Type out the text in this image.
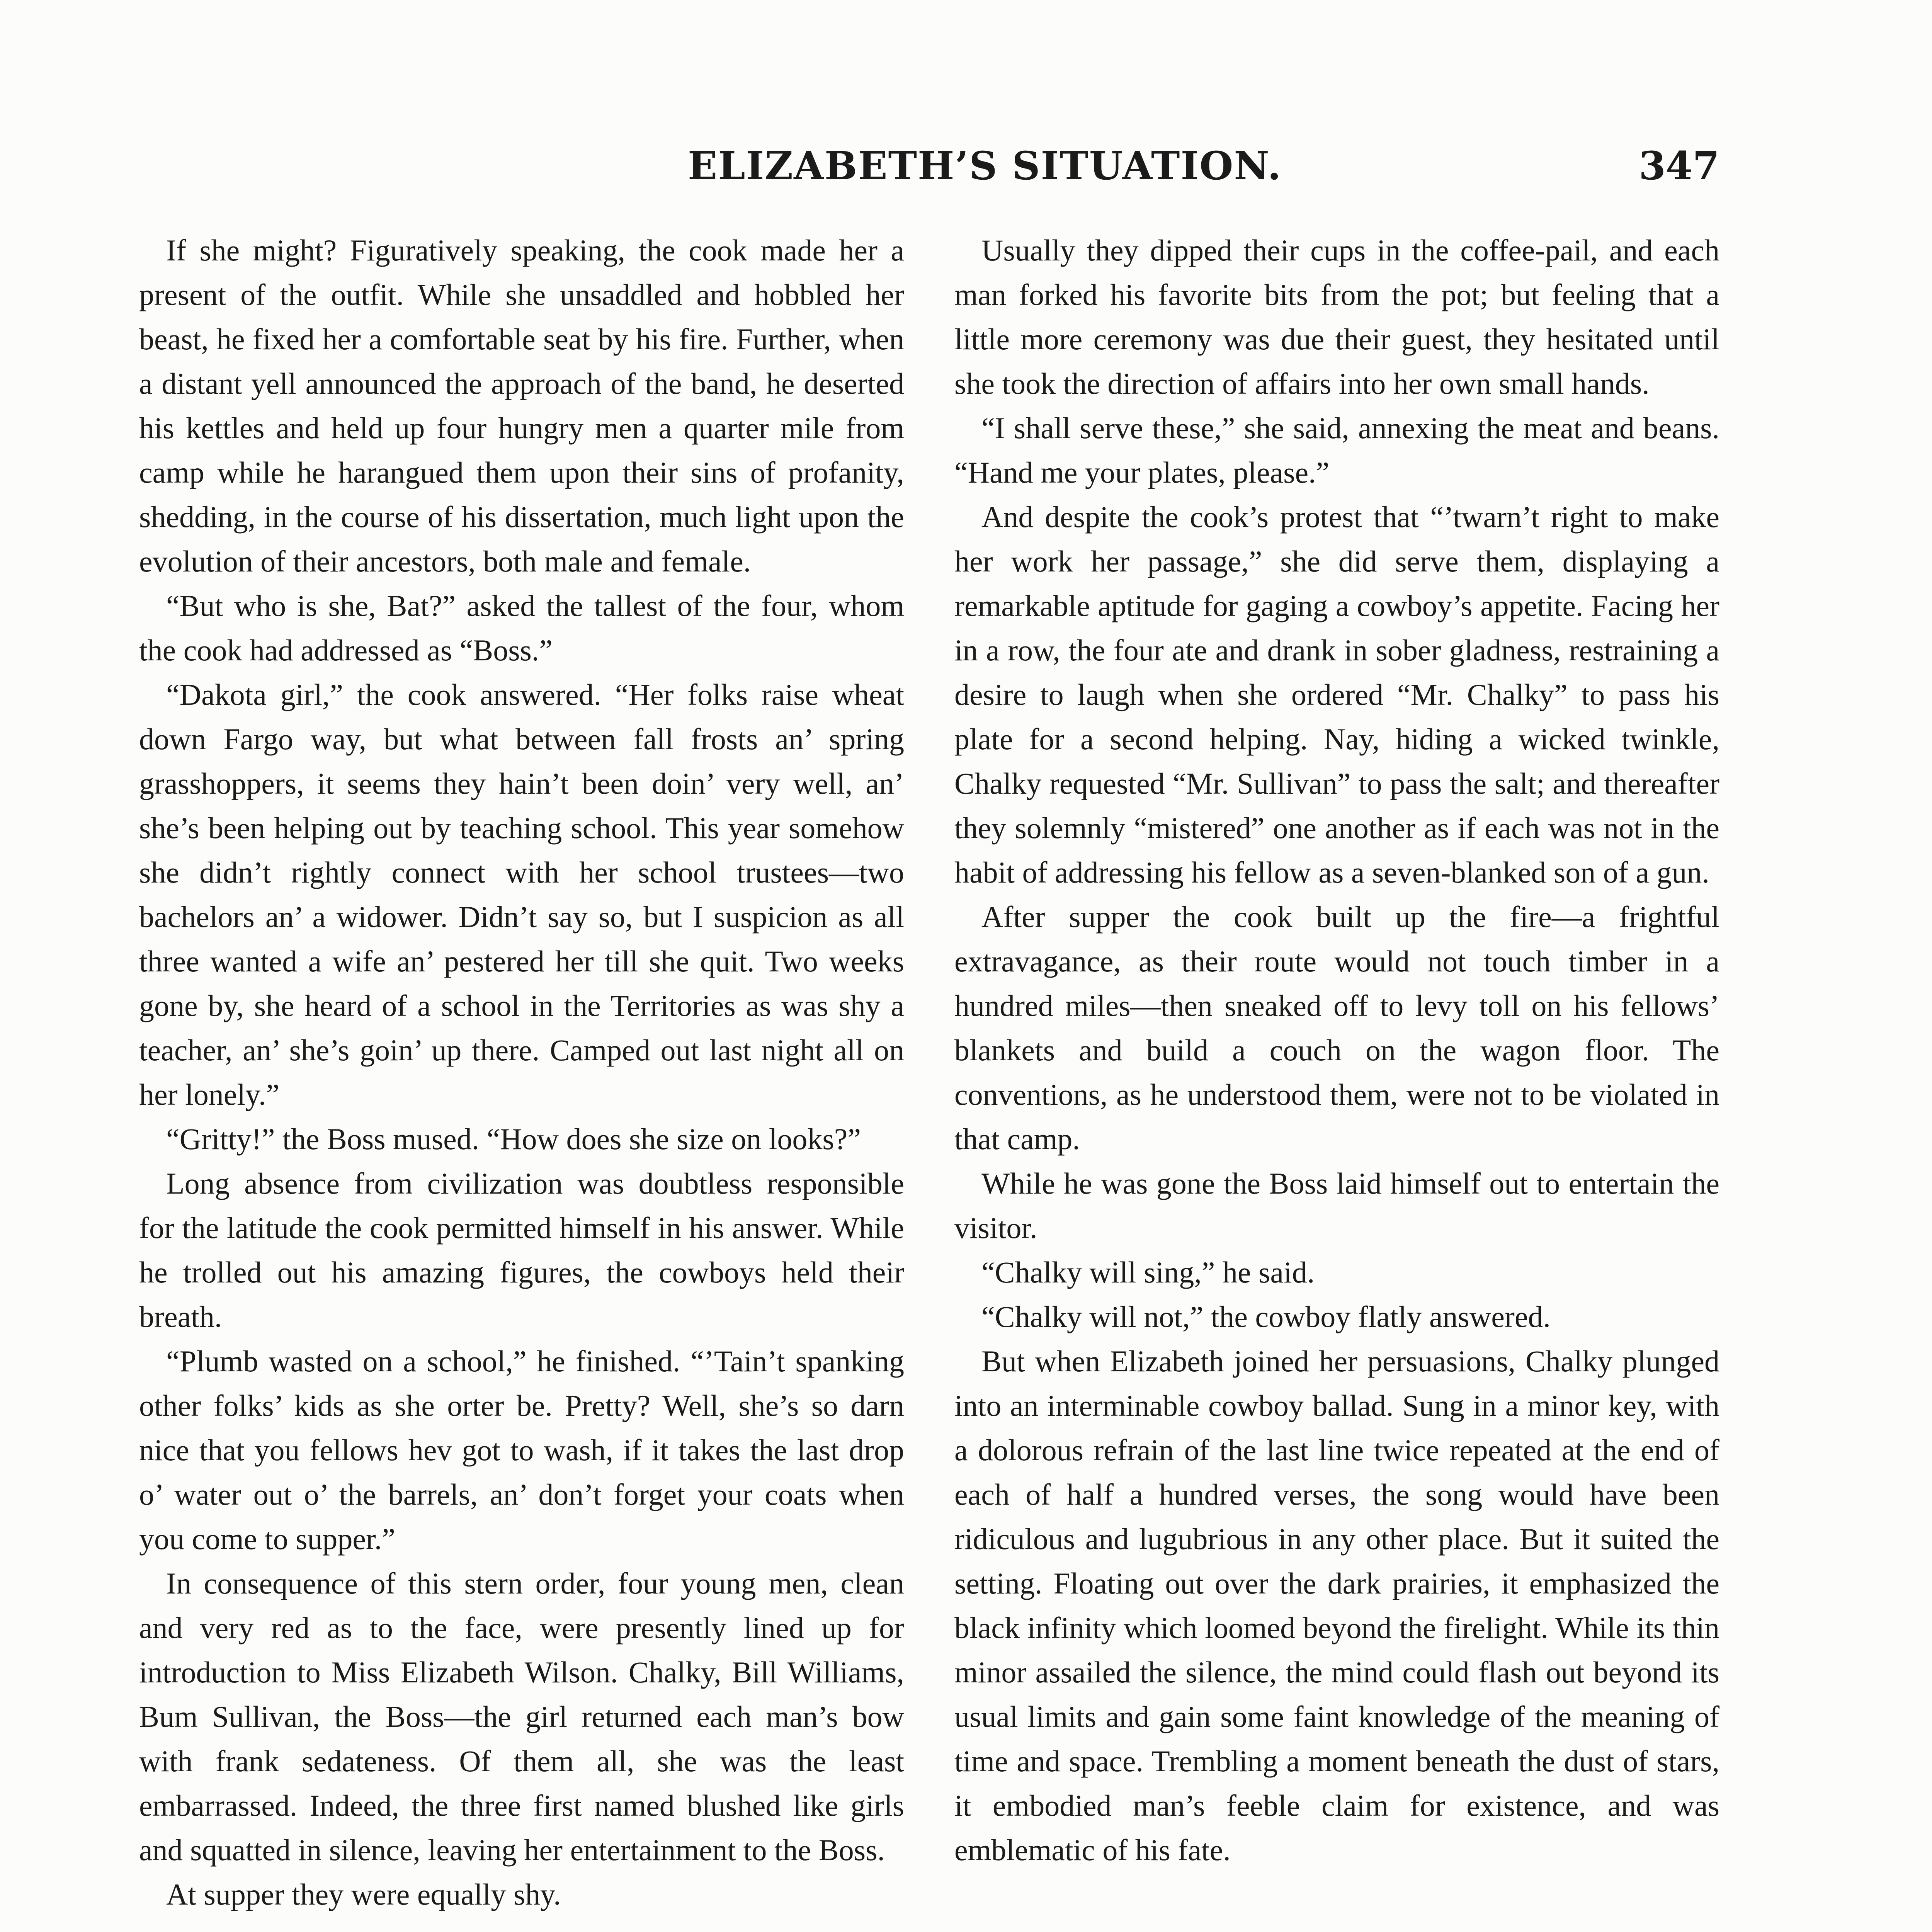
ELIZABETH’S SITUATION.	347

If she might? Figuratively speaking, the cook made her a present of the outfit. While she unsaddled and hobbled her beast, he fixed her a comfortable seat by his fire. Further, when a distant yell announced the approach of the band, he deserted his kettles and held up four hungry men a quarter mile from camp while he harangued them upon their sins of profanity, shedding, in the course of his dissertation, much light upon the evolution of their ancestors, both male and female.

“But who is she, Bat?” asked the tallest of the four, whom the cook had addressed as “Boss.”

“Dakota girl,” the cook answered. “Her folks raise wheat down Fargo way, but what between fall frosts an’ spring grasshoppers, it seems they hain’t been doin’ very well, an’ she’s been helping out by teaching school. This year somehow she didn’t rightly connect with her school trustees—two bachelors an’ a widower. Didn’t say so, but I suspicion as all three wanted a wife an’ pestered her till she quit. Two weeks gone by, she heard of a school in the Territories as was shy a teacher, an’ she’s goin’ up there. Camped out last night all on her lonely.”

“Gritty!” the Boss mused. “How does she size on looks?”

Long absence from civilization was doubtless responsible for the latitude the cook permitted himself in his answer. While he trolled out his amazing figures, the cowboys held their breath.

“Plumb wasted on a school,” he finished. “’Tain’t spanking other folks’ kids as she orter be. Pretty? Well, she’s so darn nice that you fellows hev got to wash, if it takes the last drop o’ water out o’ the barrels, an’ don’t forget your coats when you come to supper.”

In consequence of this stern order, four young men, clean and very red as to the face, were presently lined up for introduction to Miss Elizabeth Wilson. Chalky, Bill Williams, Bum Sullivan, the Boss—the girl returned each man’s bow with frank sedateness. Of them all, she was the least embarrassed. Indeed, the three first named blushed like girls and squatted in silence, leaving her entertainment to the Boss.

At supper they were equally shy.

Usually they dipped their cups in the coffee-pail, and each man forked his favorite bits from the pot; but feeling that a little more ceremony was due their guest, they hesitated until she took the direction of affairs into her own small hands.

“I shall serve these,” she said, annexing the meat and beans. “Hand me your plates, please.”

And despite the cook’s protest that “’twarn’t right to make her work her passage,” she did serve them, displaying a remarkable aptitude for gaging a cowboy’s appetite. Facing her in a row, the four ate and drank in sober gladness, restraining a desire to laugh when she ordered “Mr. Chalky” to pass his plate for a second helping. Nay, hiding a wicked twinkle, Chalky requested “Mr. Sullivan” to pass the salt; and thereafter they solemnly “mistered” one another as if each was not in the habit of addressing his fellow as a seven-blanked son of a gun.

After supper the cook built up the fire—a frightful extravagance, as their route would not touch timber in a hundred miles—then sneaked off to levy toll on his fellows’ blankets and build a couch on the wagon floor. The conventions, as he understood them, were not to be violated in that camp.

While he was gone the Boss laid himself out to entertain the visitor.

“Chalky will sing,” he said.

“Chalky will not,” the cowboy flatly answered.

But when Elizabeth joined her persuasions, Chalky plunged into an interminable cowboy ballad. Sung in a minor key, with a dolorous refrain of the last line twice repeated at the end of each of half a hundred verses, the song would have been ridiculous and lugubrious in any other place. But it suited the setting. Floating out over the dark prairies, it emphasized the black infinity which loomed beyond the firelight. While its thin minor assailed the silence, the mind could flash out beyond its usual limits and gain some faint knowledge of the meaning of time and space. Trembling a moment beneath the dust of stars, it embodied man’s feeble claim for existence, and was emblematic of his fate.
